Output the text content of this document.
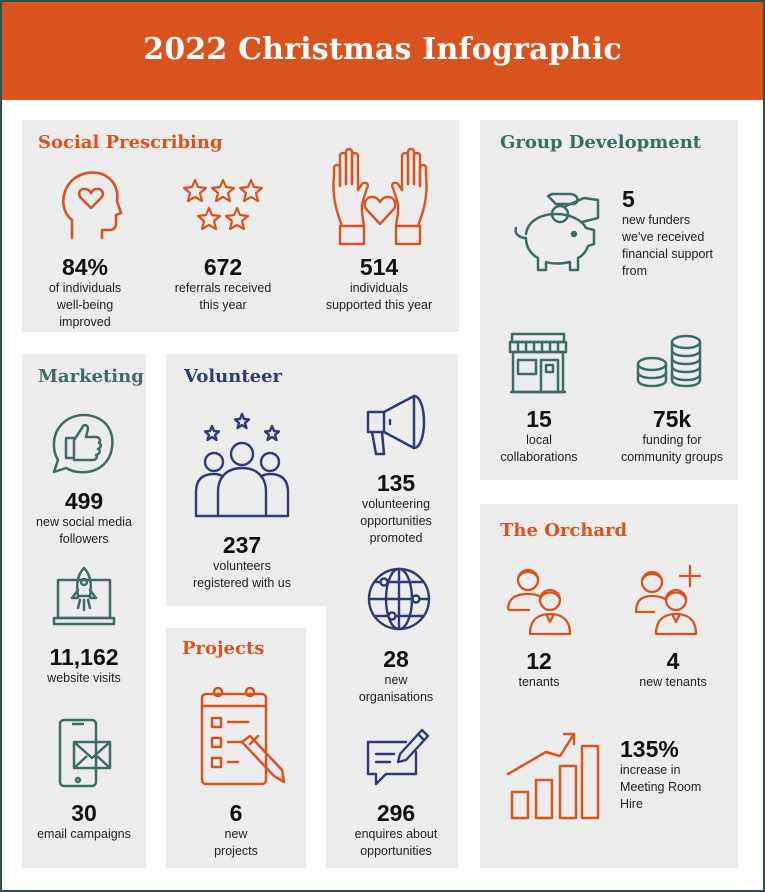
2022 Christmas Infographic
Social Prescribing
84%
of individuals
well-being
improved
672
referrals received
this year
514
individuals
supported this year
Group Development
5
new funders
we've received
financial support
from
15
local
collaborations
75k
funding for
community groups
Marketing
499
new social media
followers
11,162
website visits
30
email campaigns
Volunteer
237
volunteers
registered with us
135
volunteering
opportunities
promoted
28
new
organisations
296
enquires about
opportunities
Projects
6
new
projects
The Orchard
12
tenants
4
new tenants
135%
increase in
Meeting Room
Hire
